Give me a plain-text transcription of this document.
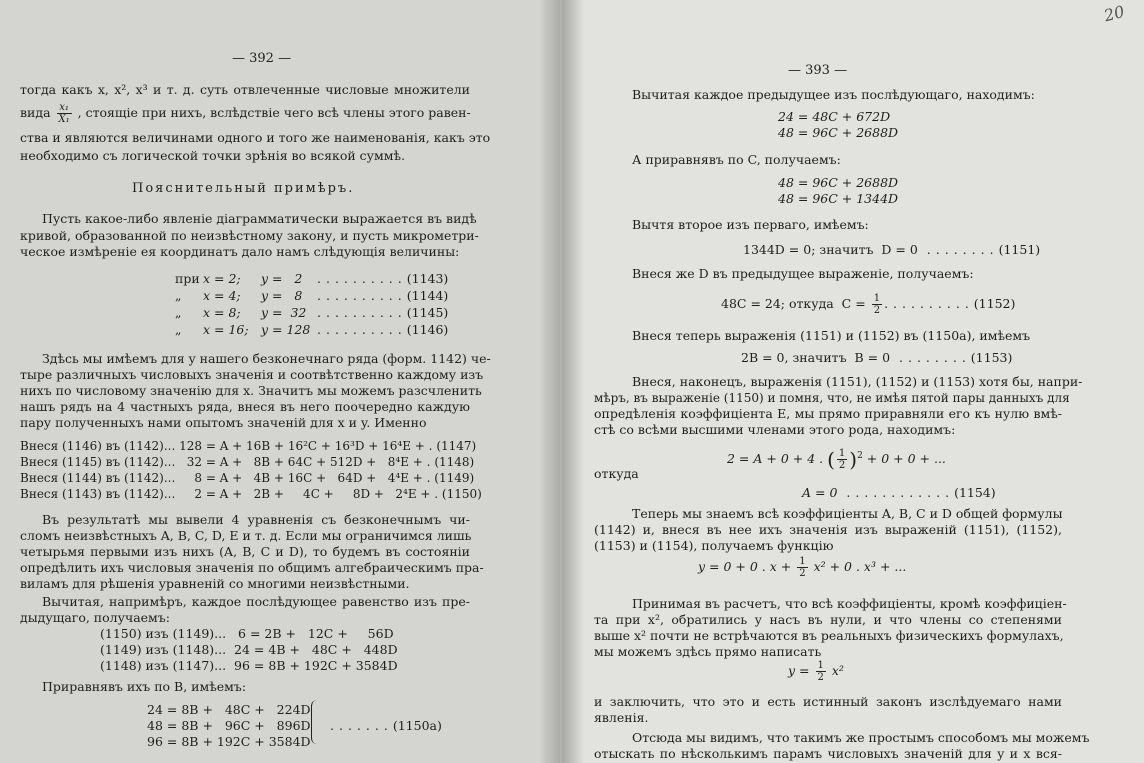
— 392 —
тогда какъ x, x², x³ и т. д. суть отвлеченные числовые множители
вида $\frac{\text{x₁}}{\text{X₁}}$ , стоящіе при нихъ, вслѣдствіе чего всѣ члены этого равен-
ства и являются величинами одного и того же наименованія, какъ это
необходимо съ логической точки зрѣнія во всякой суммѣ.
Пояснительный примѣръ.
Пусть какое-либо явленіе діаграмматически выражается въ видѣ
кривой, образованной по неизвѣстному закону, и пусть микрометри-
ческое измѣреніе ея координатъ дало намъ слѣдующія величины:
при x = 2; y =   2 ..........(1143)
„ x = 4; y =   8 ..........(1144)
„ x = 8; y =  32 ..........(1145)
„ x = 16; y = 128 ..........(1146)
Здѣсь мы имѣемъ для y нашего безконечнаго ряда (форм. 1142) че-
тыре различныхъ числовыхъ значенія и соотвѣтственно каждому изъ
нихъ по числовому значенію для x. Значитъ мы можемъ разсчленить
нашъ рядъ на 4 частныхъ ряда, внеся въ него поочередно каждую
пару полученныхъ нами опытомъ значеній для x и y. Именно
Внеся (1146) въ (1142)... 128 = A + 16B + 16²C + 16³D + 16⁴E + . (1147)
Внеся (1145) въ (1142)...   32 = A +   8B + 64C + 512D +   8⁴E + . (1148)
Внеся (1144) въ (1142)...     8 = A +   4B + 16C +   64D +   4⁴E + . (1149)
Внеся (1143) въ (1142)...     2 = A +   2B +     4C +     8D +   2⁴E + . (1150)
Въ результатѣ мы вывели 4 уравненія съ безконечнымъ чи-
сломъ неизвѣстныхъ A, B, C, D, E и т. д. Если мы ограничимся лишь
четырьмя первыми изъ нихъ (A, B, C и D), то будемъ въ состояніи
опредѣлить ихъ числовыя значенія по общимъ алгебраическимъ пра-
виламъ для рѣшенія уравненій со многими неизвѣстными.
Вычитая, напримѣръ, каждое послѣдующее равенство изъ пре-
дыдущаго, получаемъ:
(1150) изъ (1149)...   6 = 2B +   12C +     56D
(1149) изъ (1148)...  24 = 4B +   48C +   448D
(1148) изъ (1147)...  96 = 8B + 192C + 3584D
Приравнявъ ихъ по B, имѣемъ:
24 = 8B +   48C +   224D
48 = 8B +   96C +   896D
96 = 8B + 192C + 3584D
.......(1150a)
— 393 —
Вычитая каждое предыдущее изъ послѣдующаго, находимъ:
24 = 48C + 672D
48 = 96C + 2688D
А приравнявъ по C, получаемъ:
48 = 96C + 2688D
48 = 96C + 1344D
Вычтя второе изъ перваго, имѣемъ:
1344D = 0; значитъ  D = 0 ........(1151)
Внеся же D въ предыдущее выраженіе, получаемъ:
48C = 24; откуда  $C = \frac{1}{2} ..........(1152)$
Внеся теперь выраженія (1151) и (1152) въ (1150a), имѣемъ
2B = 0, значитъ  B = 0 ........(1153)
Внеся, наконецъ, выраженія (1151), (1152) и (1153) хотя бы, напри-
мѣръ, въ выраженіе (1150) и помня, что, не имѣя пятой пары данныхъ для
опредѣленія коэффиціента E, мы прямо приравняли его къ нулю вмѣ-
стѣ со всѣми высшими членами этого рода, находимъ:
2 = A + 0 + 4 . ( $\frac{1}{2} )^2 + 0 + 0$ + ...
откуда
A = 0 ............(1154)
Теперь мы знаемъ всѣ коэффиціенты A, B, C и D общей формулы
(1142) и, внеся въ нее ихъ значенія изъ выраженій (1151), (1152),
(1153) и (1154), получаемъ функцію
y = 0 + 0 . $x + \frac{1}{2} x^2 + 0$ . x³ + ...
Принимая въ расчетъ, что всѣ коэффиціенты, кромѣ коэффиціен-
та при x², обратились у насъ въ нули, и что члены со степенями
выше x² почти не встрѣчаются въ реальныхъ физическихъ формулахъ,
мы можемъ здѣсь прямо написать
$y = \frac{1}{2} x^2$
и заключить, что это и есть истинный законъ изслѣдуемаго нами
явленія.
Отсюда мы видимъ, что такимъ же простымъ способомъ мы можемъ
отыскать по нѣсколькимъ парамъ числовыхъ значеній для y и x вся-
20
